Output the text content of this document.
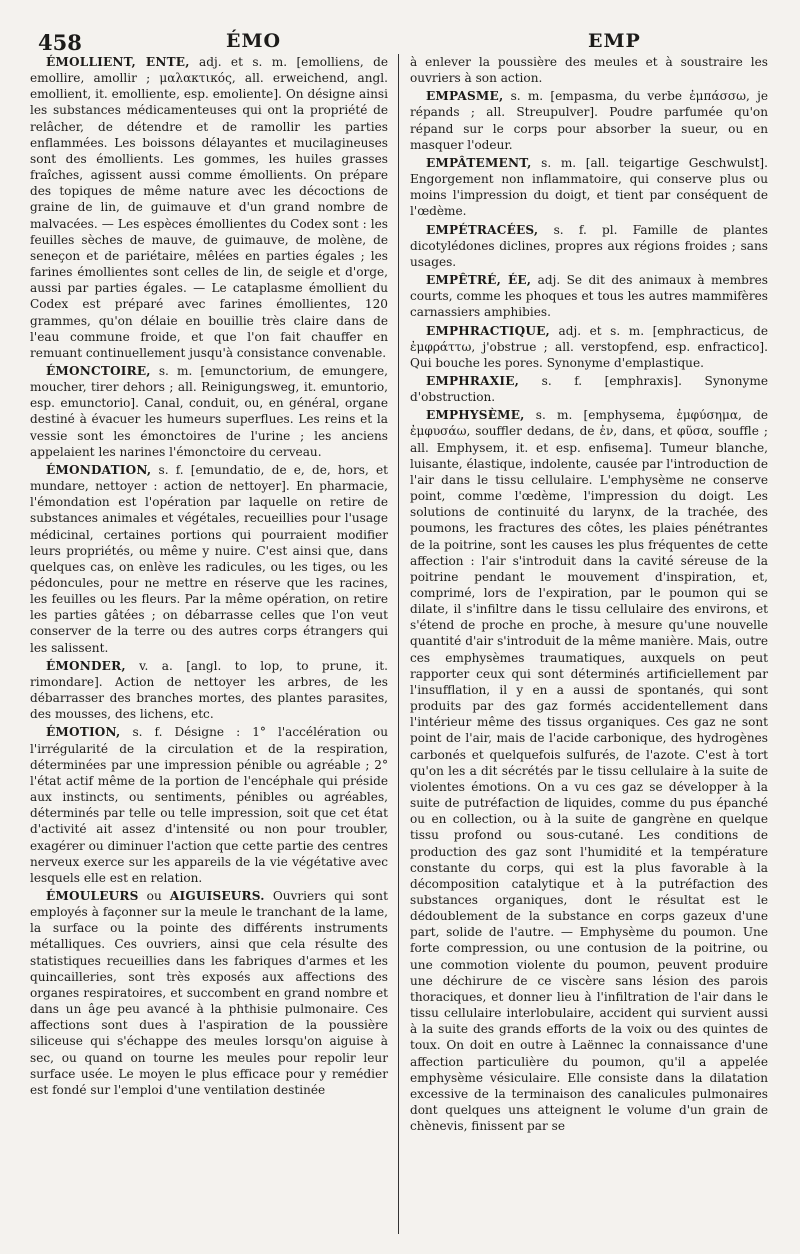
458	ÉMO	EMP

ÉMOLLIENT, ENTE, adj. et s. m. [emolliens, de emollire, amollir ; μαλακτικός, all. erweichend, angl. emollient, it. emolliente, esp. emoliente]. On désigne ainsi les substances médicamenteuses qui ont la propriété de relâcher, de détendre et de ramollir les parties enflammées. Les boissons délayantes et mucilagineuses sont des émollients. Les gommes, les huiles grasses fraîches, agissent aussi comme émollients. On prépare des topiques de même nature avec les décoctions de graine de lin, de guimauve et d'un grand nombre de malvacées. — Les espèces émollientes du Codex sont : les feuilles sèches de mauve, de guimauve, de molène, de seneçon et de pariétaire, mêlées en parties égales ; les farines émollientes sont celles de lin, de seigle et d'orge, aussi par parties égales. — Le cataplasme émollient du Codex est préparé avec farines émollientes, 120 grammes, qu'on délaie en bouillie très claire dans de l'eau commune froide, et que l'on fait chauffer en remuant continuellement jusqu'à consistance convenable.

ÉMONCTOIRE, s. m. [emunctorium, de emungere, moucher, tirer dehors ; all. Reinigungsweg, it. emuntorio, esp. emunctorio]. Canal, conduit, ou, en général, organe destiné à évacuer les humeurs superflues. Les reins et la vessie sont les émonctoires de l'urine ; les anciens appelaient les narines l'émonctoire du cerveau.

ÉMONDATION, s. f. [emundatio, de e, de, hors, et mundare, nettoyer : action de nettoyer]. En pharmacie, l'émondation est l'opération par laquelle on retire de substances animales et végétales, recueillies pour l'usage médicinal, certaines portions qui pourraient modifier leurs propriétés, ou même y nuire. C'est ainsi que, dans quelques cas, on enlève les radicules, ou les tiges, ou les pédoncules, pour ne mettre en réserve que les racines, les feuilles ou les fleurs. Par la même opération, on retire les parties gâtées ; on débarrasse celles que l'on veut conserver de la terre ou des autres corps étrangers qui les salissent.

ÉMONDER, v. a. [angl. to lop, to prune, it. rimondare]. Action de nettoyer les arbres, de les débarrasser des branches mortes, des plantes parasites, des mousses, des lichens, etc.

ÉMOTION, s. f. Désigne : 1° l'accélération ou l'irrégularité de la circulation et de la respiration, déterminées par une impression pénible ou agréable ; 2° l'état actif même de la portion de l'encéphale qui préside aux instincts, ou sentiments, pénibles ou agréables, déterminés par telle ou telle impression, soit que cet état d'activité ait assez d'intensité ou non pour troubler, exagérer ou diminuer l'action que cette partie des centres nerveux exerce sur les appareils de la vie végétative avec lesquels elle est en relation.

ÉMOULEURS ou AIGUISEURS. Ouvriers qui sont employés à façonner sur la meule le tranchant de la lame, la surface ou la pointe des différents instruments métalliques. Ces ouvriers, ainsi que cela résulte des statistiques recueillies dans les fabriques d'armes et les quincailleries, sont très exposés aux affections des organes respiratoires, et succombent en grand nombre et dans un âge peu avancé à la phthisie pulmonaire. Ces affections sont dues à l'aspiration de la poussière siliceuse qui s'échappe des meules lorsqu'on aiguise à sec, ou quand on tourne les meules pour repolir leur surface usée. Le moyen le plus efficace pour y remédier est fondé sur l'emploi d'une ventilation destinée

à enlever la poussière des meules et à soustraire les ouvriers à son action.

EMPASME, s. m. [empasma, du verbe ἐμπάσσω, je répands ; all. Streupulver]. Poudre parfumée qu'on répand sur le corps pour absorber la sueur, ou en masquer l'odeur.

EMPÂTEMENT, s. m. [all. teigartige Geschwulst]. Engorgement non inflammatoire, qui conserve plus ou moins l'impression du doigt, et tient par conséquent de l'œdème.

EMPÉTRACÉES, s. f. pl. Famille de plantes dicotylédones diclines, propres aux régions froides ; sans usages.

EMPÊTRÉ, ÉE, adj. Se dit des animaux à membres courts, comme les phoques et tous les autres mammifères carnassiers amphibies.

EMPHRACTIQUE, adj. et s. m. [emphracticus, de ἐμφράττω, j'obstrue ; all. verstopfend, esp. enfractico]. Qui bouche les pores. Synonyme d'emplastique.

EMPHRAXIE, s. f. [emphraxis]. Synonyme d'obstruction.

EMPHYSÈME, s. m. [emphysema, ἐμφύσημα, de ἐμφυσάω, souffler dedans, de ἐν, dans, et φῦσα, souffle ; all. Emphysem, it. et esp. enfisema]. Tumeur blanche, luisante, élastique, indolente, causée par l'introduction de l'air dans le tissu cellulaire. L'emphysème ne conserve point, comme l'œdème, l'impression du doigt. Les solutions de continuité du larynx, de la trachée, des poumons, les fractures des côtes, les plaies pénétrantes de la poitrine, sont les causes les plus fréquentes de cette affection : l'air s'introduit dans la cavité séreuse de la poitrine pendant le mouvement d'inspiration, et, comprimé, lors de l'expiration, par le poumon qui se dilate, il s'infiltre dans le tissu cellulaire des environs, et s'étend de proche en proche, à mesure qu'une nouvelle quantité d'air s'introduit de la même manière. Mais, outre ces emphysèmes traumatiques, auxquels on peut rapporter ceux qui sont déterminés artificiellement par l'insufflation, il y en a aussi de spontanés, qui sont produits par des gaz formés accidentellement dans l'intérieur même des tissus organiques. Ces gaz ne sont point de l'air, mais de l'acide carbonique, des hydrogènes carbonés et quelquefois sulfurés, de l'azote. C'est à tort qu'on les a dit sécrétés par le tissu cellulaire à la suite de violentes émotions. On a vu ces gaz se développer à la suite de putréfaction de liquides, comme du pus épanché ou en collection, ou à la suite de gangrène en quelque tissu profond ou sous-cutané. Les conditions de production des gaz sont l'humidité et la température constante du corps, qui est la plus favorable à la décomposition catalytique et à la putréfaction des substances organiques, dont le résultat est le dédoublement de la substance en corps gazeux d'une part, solide de l'autre. — Emphysème du poumon. Une forte compression, ou une contusion de la poitrine, ou une commotion violente du poumon, peuvent produire une déchirure de ce viscère sans lésion des parois thoraciques, et donner lieu à l'infiltration de l'air dans le tissu cellulaire interlobulaire, accident qui survient aussi à la suite des grands efforts de la voix ou des quintes de toux. On doit en outre à Laënnec la connaissance d'une affection particulière du poumon, qu'il a appelée emphysème vésiculaire. Elle consiste dans la dilatation excessive de la terminaison des canalicules pulmonaires dont quelques uns atteignent le volume d'un grain de chènevis, finissent par se
